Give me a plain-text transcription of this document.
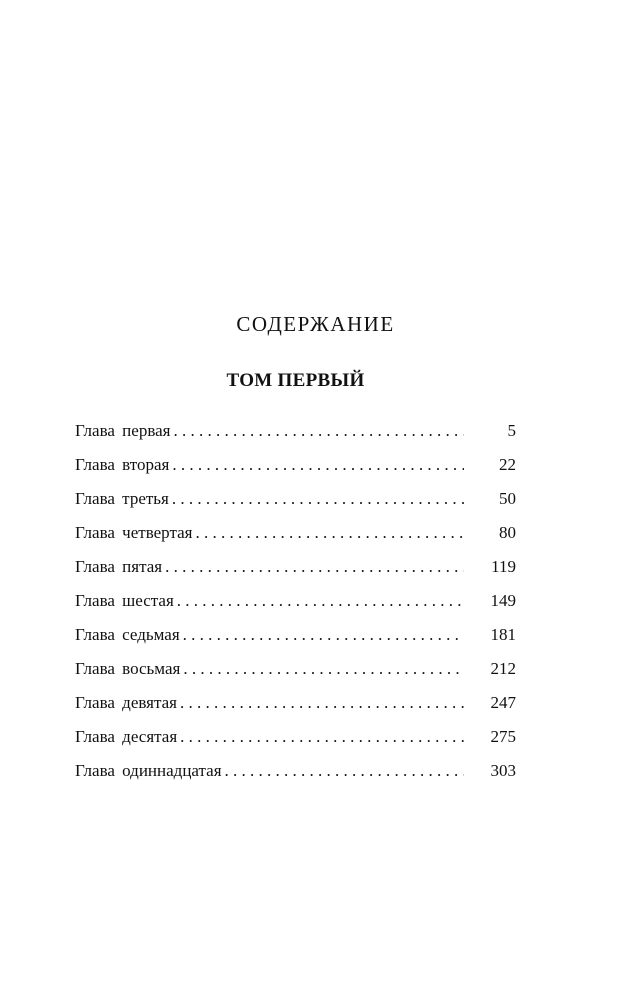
СОДЕРЖАНИЕ
ТОМ ПЕРВЫЙ
Глава первая . . .	5
Глава вторая . . .	22
Глава третья . . .	50
Глава четвертая . . .	80
Глава пятая . . .	119
Глава шестая . . .	149
Глава седьмая . . .	181
Глава восьмая . . .	212
Глава девятая . . .	247
Глава десятая . . .	275
Глава одиннадцатая . . .	303
